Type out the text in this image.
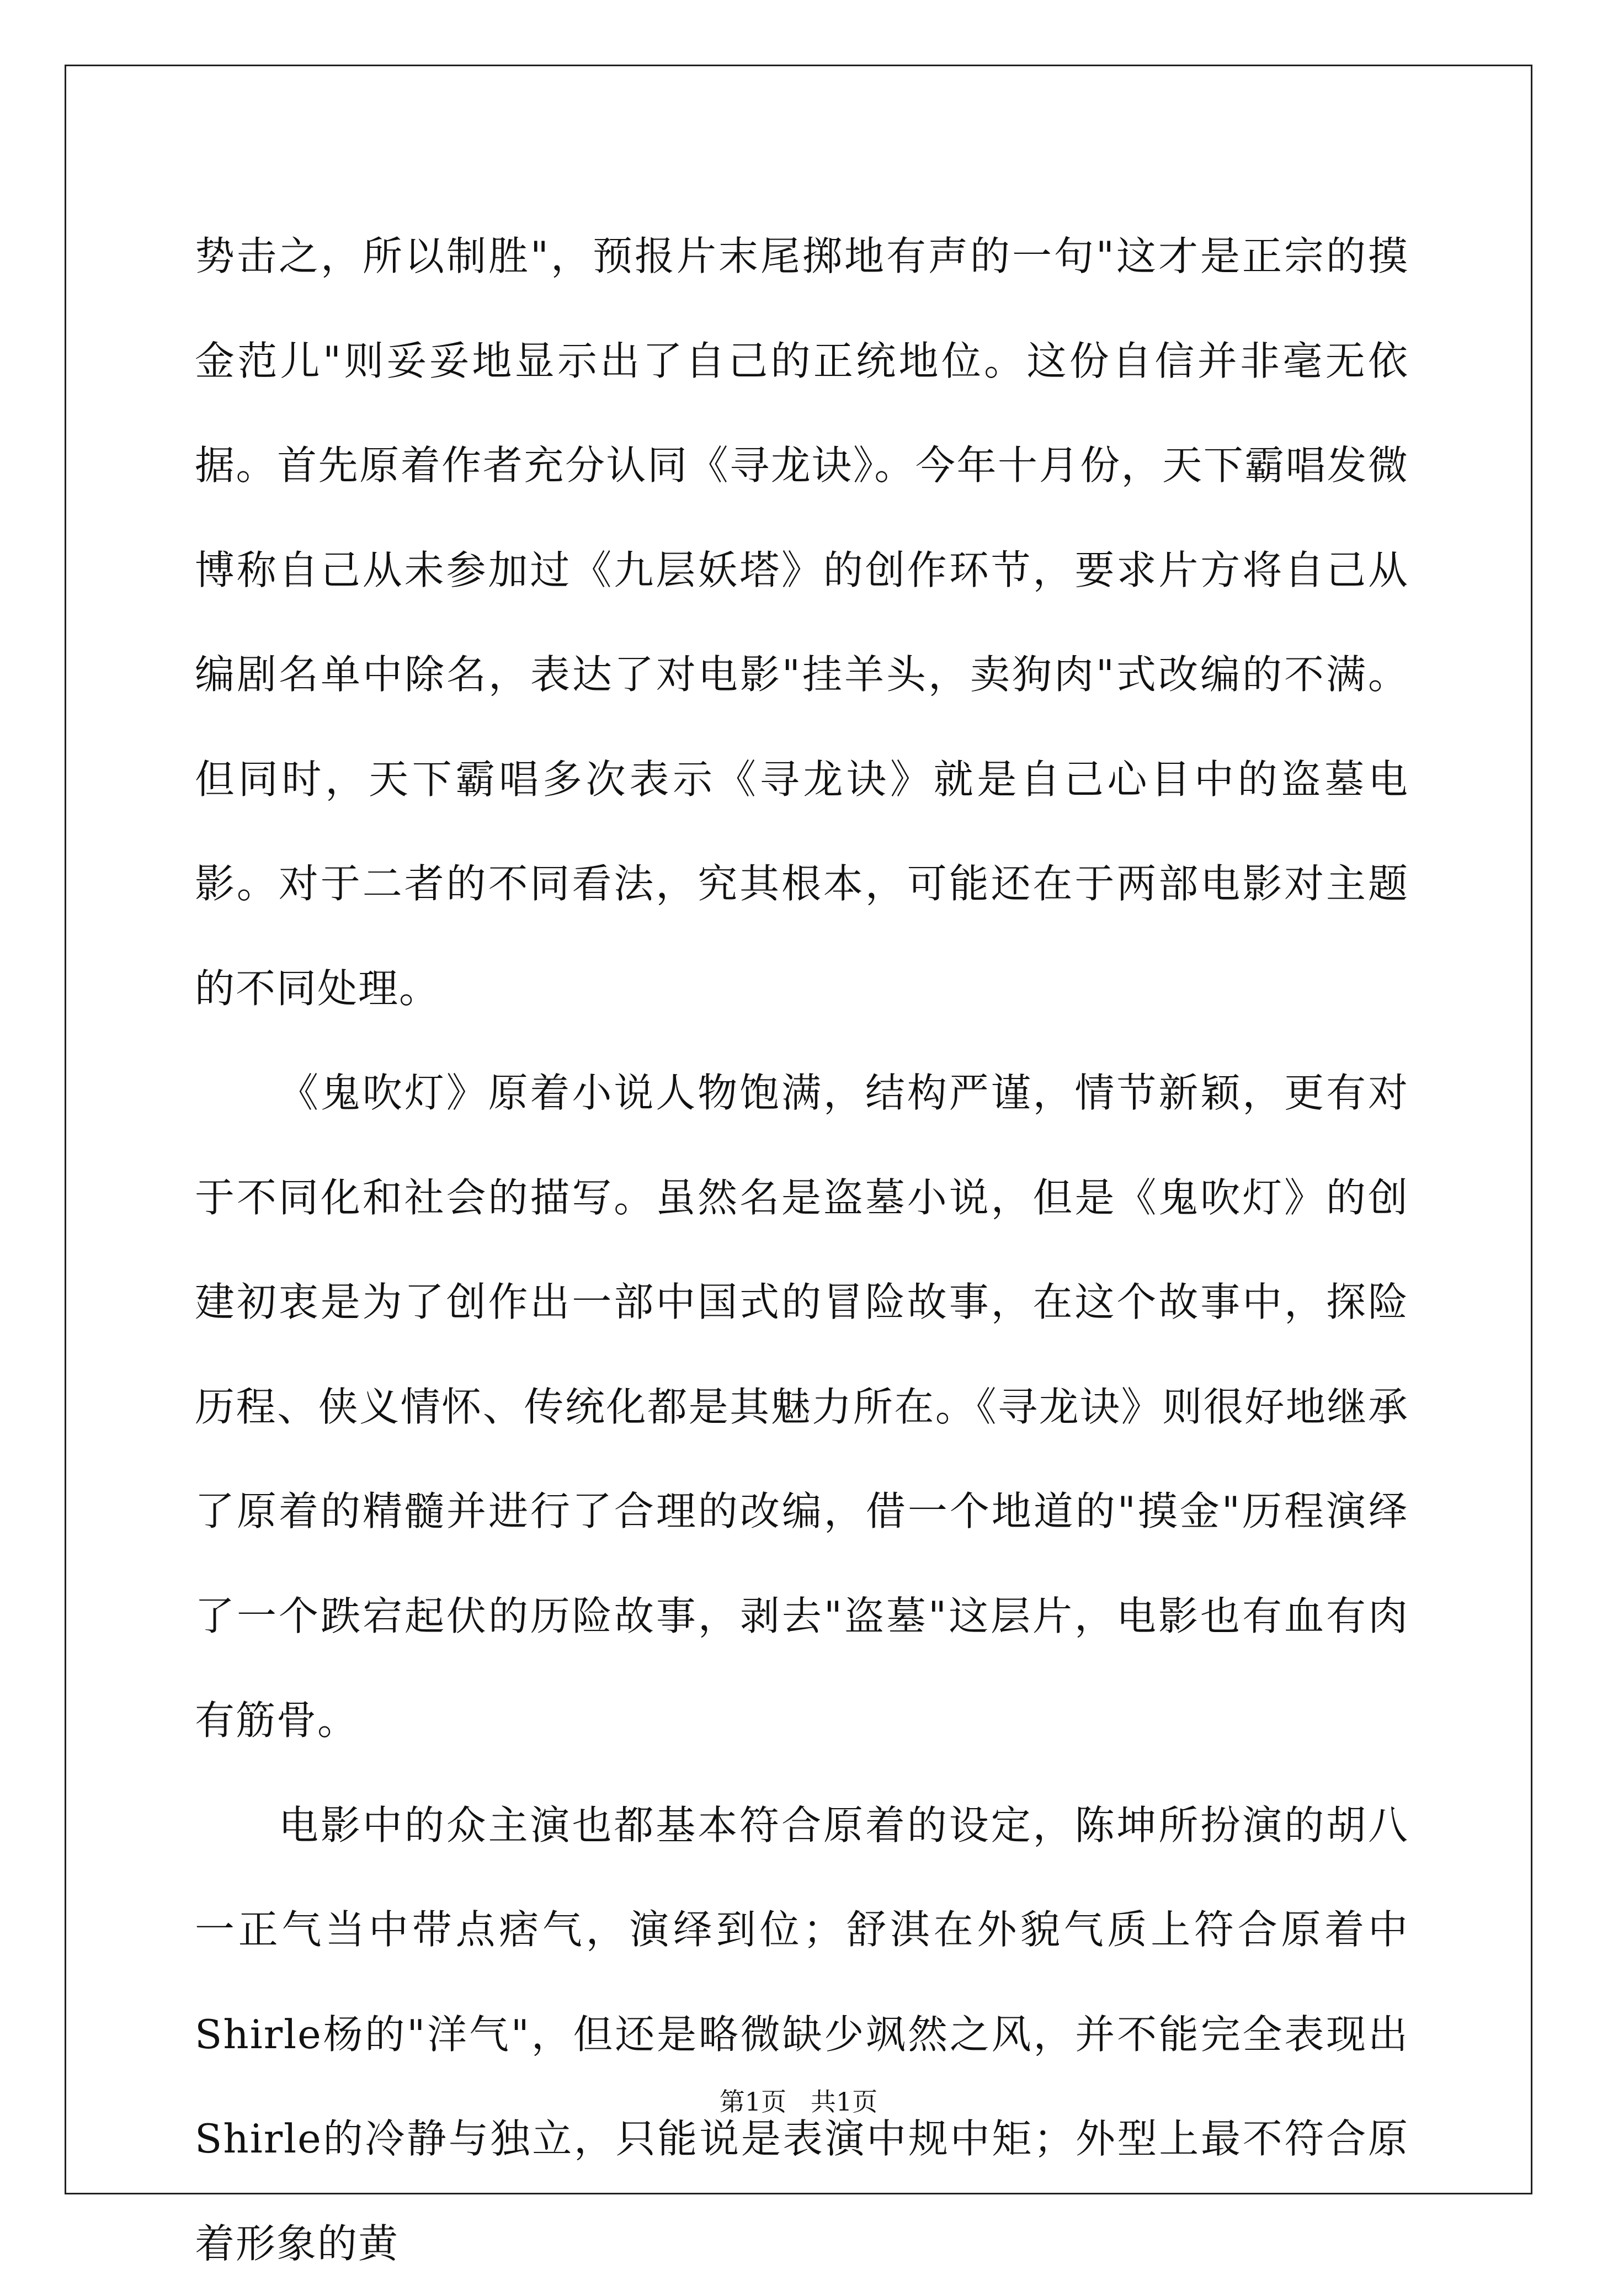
势击之，所以制胜"，预报片末尾掷地有声的一句"这才是正宗的摸金范儿"则妥妥地显示出了自己的正统地位。这份自信并非毫无依据。首先原着作者充分认同《寻龙诀》。今年十月份，天下霸唱发微博称自己从未参加过《九层妖塔》的创作环节，要求片方将自己从编剧名单中除名，表达了对电影"挂羊头，卖狗肉"式改编的不满。但同时，天下霸唱多次表示《寻龙诀》就是自己心目中的盗墓电影。对于二者的不同看法，究其根本，可能还在于两部电影对主题的不同处理。

《鬼吹灯》原着小说人物饱满，结构严谨，情节新颖，更有对于不同化和社会的描写。虽然名是盗墓小说，但是《鬼吹灯》的创建初衷是为了创作出一部中国式的冒险故事，在这个故事中，探险历程、侠义情怀、传统化都是其魅力所在。《寻龙诀》则很好地继承了原着的精髓并进行了合理的改编，借一个地道的"摸金"历程演绎了一个跌宕起伏的历险故事，剥去"盗墓"这层片，电影也有血有肉有筋骨。

电影中的众主演也都基本符合原着的设定，陈坤所扮演的胡八一正气当中带点痞气，演绎到位；舒淇在外貌气质上符合原着中Shirle杨的"洋气"，但还是略微缺少飒然之风，并不能完全表现出Shirle的冷静与独立，只能说是表演中规中矩；外型上最不符合原着形象的黄

第1页   共1页
